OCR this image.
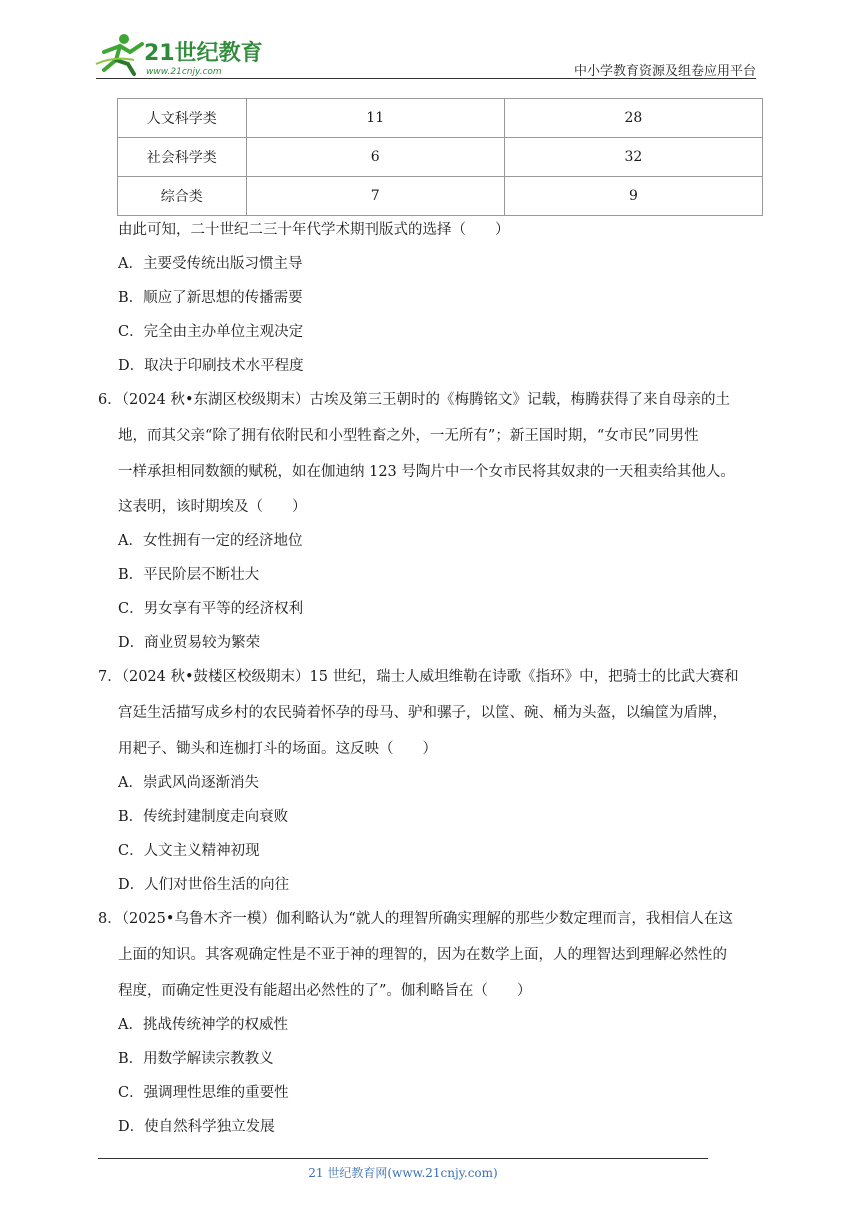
21世纪教育
www.21cnjy.com	中小学教育资源及组卷应用平台
人文科学类	11	28
社会科学类	6	32
综合类	7	9
由此可知，二十世纪二三十年代学术期刊版式的选择（　　）
A．主要受传统出版习惯主导
B．顺应了新思想的传播需要
C．完全由主办单位主观决定
D．取决于印刷技术水平程度
6．（2024 秋•东湖区校级期末）古埃及第三王朝时的《梅腾铭文》记载，梅腾获得了来自母亲的土
地，而其父亲“除了拥有依附民和小型牲畜之外，一无所有”；新王国时期，“女市民”同男性
一样承担相同数额的赋税，如在伽迪纳 123 号陶片中一个女市民将其奴隶的一天租卖给其他人。
这表明，该时期埃及（　　）
A．女性拥有一定的经济地位
B．平民阶层不断壮大
C．男女享有平等的经济权利
D．商业贸易较为繁荣
7．（2024 秋•鼓楼区校级期末）15 世纪，瑞士人威坦维勒在诗歌《指环》中，把骑士的比武大赛和
宫廷生活描写成乡村的农民骑着怀孕的母马、驴和骡子，以筐、碗、桶为头盔，以编筐为盾牌，
用耙子、锄头和连枷打斗的场面。这反映（　　）
A．崇武风尚逐渐消失
B．传统封建制度走向衰败
C．人文主义精神初现
D．人们对世俗生活的向往
8．（2025•乌鲁木齐一模）伽利略认为“就人的理智所确实理解的那些少数定理而言，我相信人在这
上面的知识。其客观确定性是不亚于神的理智的，因为在数学上面，人的理智达到理解必然性的
程度，而确定性更没有能超出必然性的了”。伽利略旨在（　　）
A．挑战传统神学的权威性
B．用数学解读宗教教义
C．强调理性思维的重要性
D．使自然科学独立发展
21 世纪教育网(www.21cnjy.com)
